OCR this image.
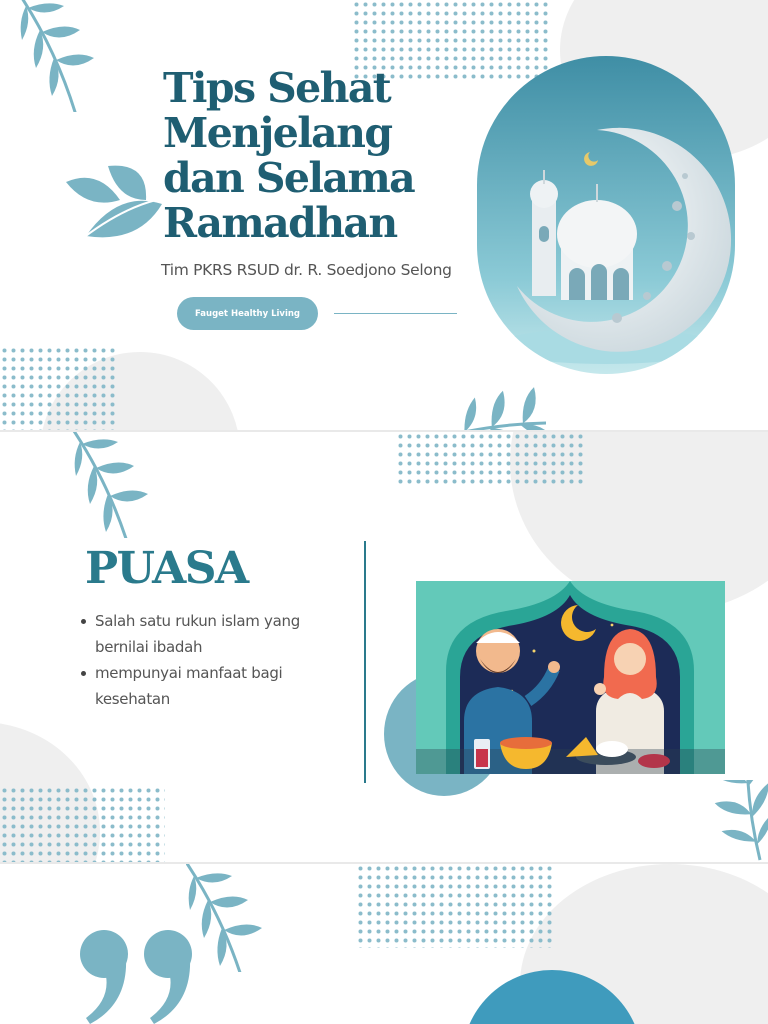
Tips Sehat Menjelang dan Selama Ramadhan

Tim PKRS RSUD dr. R. Soedjono Selong

Fauget Healthy Living
PUASA
Salah satu rukun islam yang bernilai ibadah
mempunyai manfaat bagi kesehatan
